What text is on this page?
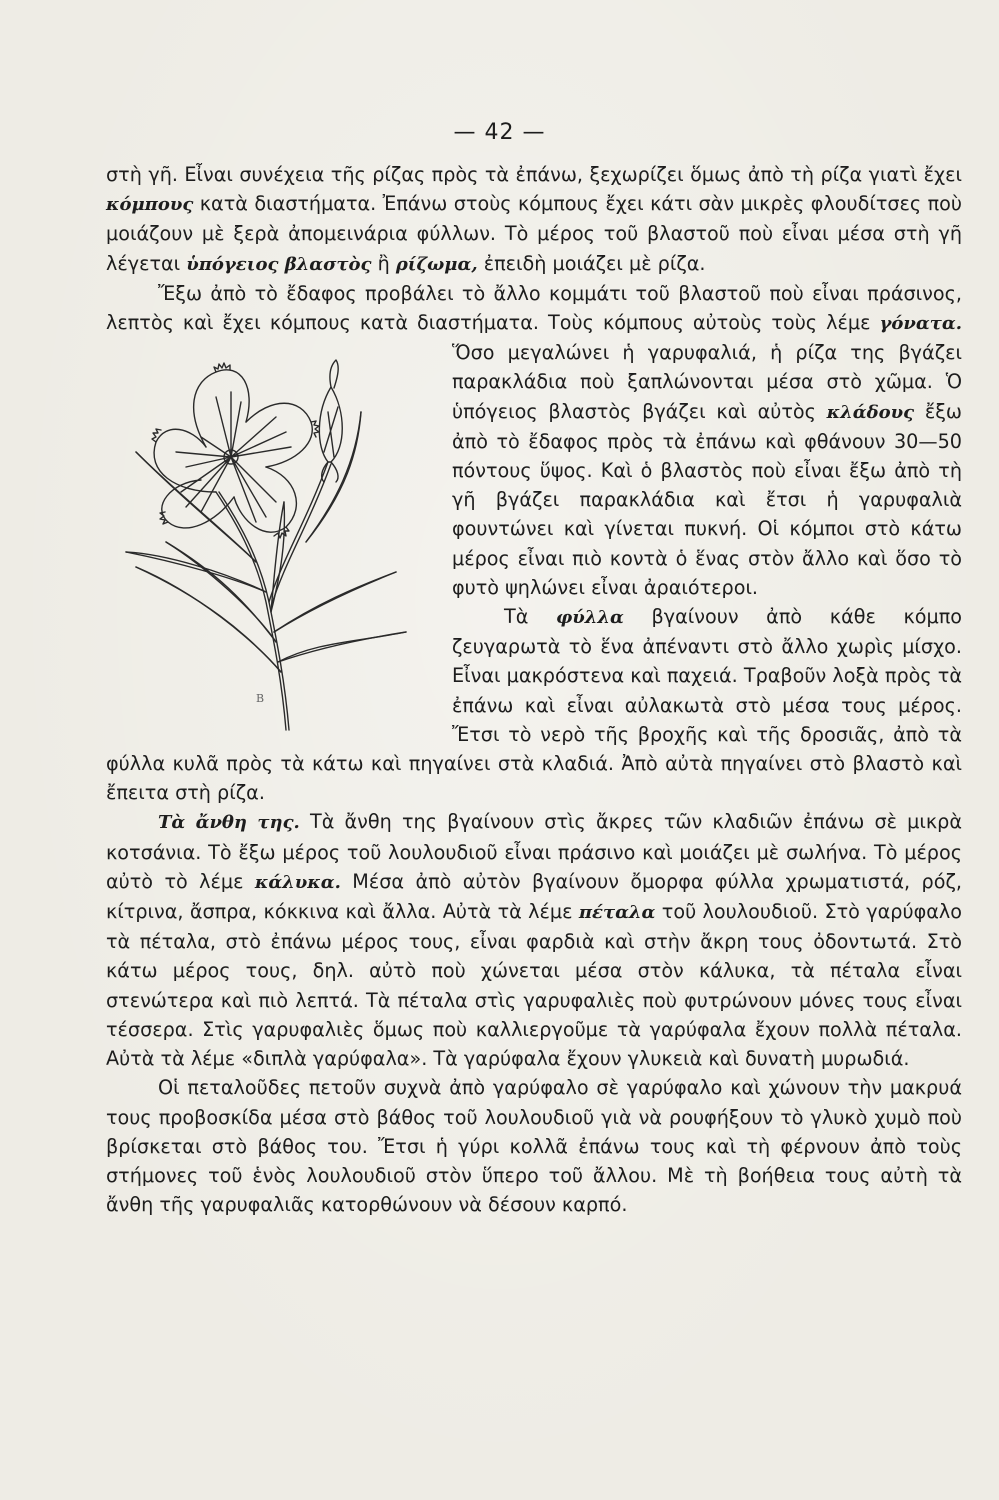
— 42 —

στὴ γῆ. Εἶναι συνέχεια τῆς ρίζας πρὸς τὰ ἐπάνω, ξεχωρίζει ὅμως ἀπὸ τὴ ρίζα γιατὶ ἔχει κόμπους κατὰ διαστήματα. Ἐπάνω στοὺς κόμπους ἔχει κάτι σὰν μικρὲς φλουδίτσες ποὺ μοιάζουν μὲ ξερὰ ἀπομεινάρια φύλλων. Τὸ μέρος τοῦ βλαστοῦ ποὺ εἶναι μέσα στὴ γῆ λέγεται ὑπόγειος βλαστὸς ἢ ρίζωμα, ἐπειδὴ μοιάζει μὲ ρίζα.

Ἔξω ἀπὸ τὸ ἔδαφος προβάλει τὸ ἄλλο κομμάτι τοῦ βλαστοῦ ποὺ εἶναι πράσινος, λεπτὸς καὶ ἔχει κόμπους κατὰ διαστήματα. Τοὺς κόμπους αὐτοὺς τοὺς λέμε
B
γόνατα. Ὅσο μεγαλώνει ἡ γαρυφαλιά, ἡ ρίζα της βγάζει παρακλάδια ποὺ ξαπλώνονται μέσα στὸ χῶμα. Ὁ ὑπόγειος βλαστὸς βγάζει καὶ αὐτὸς κλάδους ἔξω ἀπὸ τὸ ἔδαφος πρὸς τὰ ἐπάνω καὶ φθάνουν 30—50 πόντους ὕψος. Καὶ ὁ βλαστὸς ποὺ εἶναι ἔξω ἀπὸ τὴ γῆ βγάζει παρακλάδια καὶ ἔτσι ἡ γαρυφαλιὰ φουντώνει καὶ γίνεται πυκνή. Οἱ κόμποι στὸ κάτω μέρος εἶναι πιὸ κοντὰ ὁ ἕνας στὸν ἄλλο καὶ ὅσο τὸ φυτὸ ψηλώνει εἶναι ἀραιότεροι.

Τὰ φύλλα βγαίνουν ἀπὸ κάθε κόμπο ζευγαρωτὰ τὸ ἕνα ἀπέναντι στὸ ἄλλο χωρὶς μίσχο. Εἶναι μακρόστενα καὶ παχειά. Τραβοῦν λοξὰ πρὸς τὰ ἐπάνω καὶ εἶναι αὐλακωτὰ στὸ μέσα τους μέρος. Ἔτσι τὸ νερὸ τῆς βροχῆς καὶ τῆς δροσιᾶς, ἀπὸ τὰ φύλλα κυλᾶ πρὸς τὰ κάτω καὶ πηγαίνει στὰ κλαδιά. Ἀπὸ αὐτὰ πηγαίνει στὸ βλαστὸ καὶ ἔπειτα στὴ ρίζα.

Τὰ ἄνθη της. Τὰ ἄνθη της βγαίνουν στὶς ἄκρες τῶν κλαδιῶν ἐπάνω σὲ μικρὰ κοτσάνια. Τὸ ἔξω μέρος τοῦ λουλουδιοῦ εἶναι πράσινο καὶ μοιάζει μὲ σωλήνα. Τὸ μέρος αὐτὸ τὸ λέμε κάλυκα. Μέσα ἀπὸ αὐτὸν βγαίνουν ὄμορφα φύλλα χρωματιστά, ρόζ, κίτρινα, ἄσπρα, κόκκινα καὶ ἄλλα. Αὐτὰ τὰ λέμε πέταλα τοῦ λουλουδιοῦ. Στὸ γαρύφαλο τὰ πέταλα, στὸ ἐπάνω μέρος τους, εἶναι φαρδιὰ καὶ στὴν ἄκρη τους ὀδοντωτά. Στὸ κάτω μέρος τους, δηλ. αὐτὸ ποὺ χώνεται μέσα στὸν κάλυκα, τὰ πέταλα εἶναι στενώτερα καὶ πιὸ λεπτά. Τὰ πέταλα στὶς γαρυφαλιὲς ποὺ φυτρώνουν μόνες τους εἶναι τέσσερα. Στὶς γαρυφαλιὲς ὅμως ποὺ καλλιεργοῦμε τὰ γαρύφαλα ἔχουν πολλὰ πέταλα. Αὐτὰ τὰ λέμε «διπλὰ γαρύφαλα». Τὰ γαρύφαλα ἔχουν γλυκειὰ καὶ δυνατὴ μυρωδιά.

Οἱ πεταλοῦδες πετοῦν συχνὰ ἀπὸ γαρύφαλο σὲ γαρύφαλο καὶ χώνουν τὴν μακρυά τους προβοσκίδα μέσα στὸ βάθος τοῦ λουλουδιοῦ γιὰ νὰ ρουφήξουν τὸ γλυκὸ χυμὸ ποὺ βρίσκεται στὸ βάθος του. Ἔτσι ἡ γύρι κολλᾶ ἐπάνω τους καὶ τὴ φέρνουν ἀπὸ τοὺς στήμονες τοῦ ἑνὸς λουλουδιοῦ στὸν ὕπερο τοῦ ἄλλου. Μὲ τὴ βοήθεια τους αὐτὴ τὰ ἄνθη τῆς γαρυφαλιᾶς κατορθώνουν νὰ δέσουν καρπό.
